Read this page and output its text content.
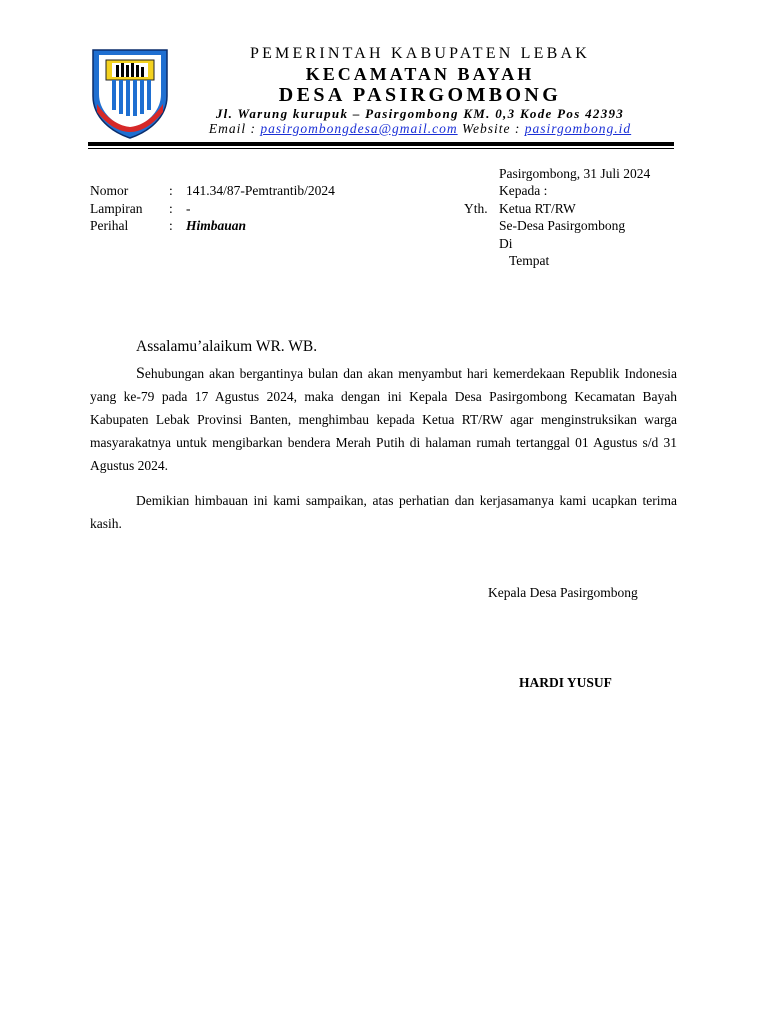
PEMERINTAH KABUPATEN LEBAK
KECAMATAN BAYAH
DESA PASIRGOMBONG
Jl. Warung kurupuk – Pasirgombong KM. 0,3 Kode Pos 42393
Email : pasirgombongdesa@gmail.com Website : pasirgombong.id
Pasirgombong, 31 Juli 2024
Kepada :
Yth. Ketua RT/RW
Se-Desa Pasirgombong
Di
Tempat
Nomor	: 141.34/87-Pemtrantib/2024
Lampiran : -
Perihal	: Himbauan
Assalamu’alaikum WR. WB.
Sehubungan akan bergantinya bulan dan akan menyambut hari kemerdekaan Republik Indonesia yang ke-79 pada 17 Agustus 2024, maka dengan ini Kepala Desa Pasirgombong Kecamatan Bayah Kabupaten Lebak Provinsi Banten, menghimbau kepada Ketua RT/RW agar menginstruksikan warga masyarakatnya untuk mengibarkan bendera Merah Putih di halaman rumah tertanggal 01 Agustus s/d 31 Agustus 2024.
Demikian himbauan ini kami sampaikan, atas perhatian dan kerjasamanya kami ucapkan terima kasih.
Kepala Desa Pasirgombong
HARDI YUSUF
